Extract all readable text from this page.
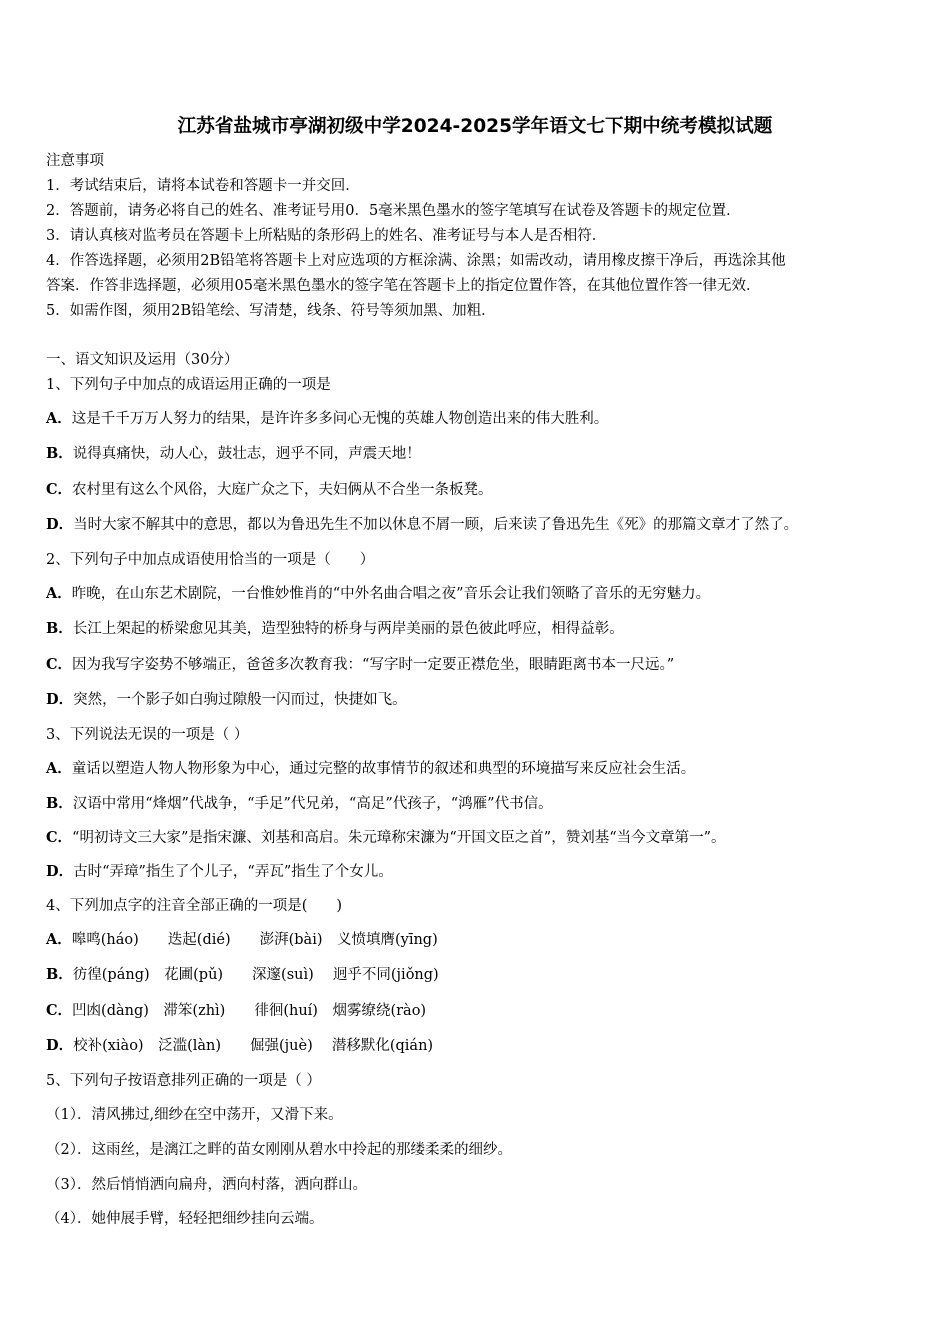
江苏省盐城市亭湖初级中学2024-2025学年语文七下期中统考模拟试题
注意事项
1．考试结束后，请将本试卷和答题卡一并交回．
2．答题前，请务必将自己的姓名、准考证号用0．5毫米黑色墨水的签字笔填写在试卷及答题卡的规定位置．
3．请认真核对监考员在答题卡上所粘贴的条形码上的姓名、准考证号与本人是否相符．
4．作答选择题，必须用2B铅笔将答题卡上对应选项的方框涂满、涂黑；如需改动，请用橡皮擦干净后，再选涂其他
答案．作答非选择题，必须用05毫米黑色墨水的签字笔在答题卡上的指定位置作答，在其他位置作答一律无效．
5．如需作图，须用2B铅笔绘、写清楚，线条、符号等须加黑、加粗．
一、语文知识及运用（30分）
1、下列句子中加点的成语运用正确的一项是
A．这是千千万万人努力的结果，是许许多多问心无愧的英雄人物创造出来的伟大胜利。
B．说得真痛快，动人心，鼓壮志，迥乎不同，声震天地！
C．农村里有这么个风俗，大庭广众之下，夫妇俩从不合坐一条板凳。
D．当时大家不解其中的意思，都以为鲁迅先生不加以休息不屑一顾，后来读了鲁迅先生《死》的那篇文章才了然了。
2、下列句子中加点成语使用恰当的一项是（　　）
A．昨晚，在山东艺术剧院，一台惟妙惟肖的“中外名曲合唱之夜”音乐会让我们领略了音乐的无穷魅力。
B．长江上架起的桥梁愈见其美，造型独特的桥身与两岸美丽的景色彼此呼应，相得益彰。
C．因为我写字姿势不够端正，爸爸多次教育我：“写字时一定要正襟危坐，眼睛距离书本一尺远。”
D．突然，一个影子如白驹过隙般一闪而过，快捷如飞。
3、下列说法无误的一项是（ ）
A．童话以塑造人物人物形象为中心，通过完整的故事情节的叙述和典型的环境描写来反应社会生活。
B．汉语中常用“烽烟”代战争，“手足”代兄弟，“高足”代孩子，“鸿雁”代书信。
C．“明初诗文三大家”是指宋濂、刘基和高启。朱元璋称宋濂为“开国文臣之首”，赞刘基“当今文章第一”。
D．古时“弄璋”指生了个儿子，“弄瓦”指生了个女儿。
4、下列加点字的注音全部正确的一项是(　　)
A．嗥鸣(háo)　　迭起(dié)　　澎湃(bài)　义愤填膺(yīng)
B．彷徨(páng)　花圃(pǔ)　　深邃(suì)　 迥乎不同(jiǒng)
C．凹凼(dàng)　滞笨(zhì)　　徘徊(huí)　烟雾缭绕(rào)
D．校补(xiào)　泛滥(làn)　　倔强(juè)　 潜移默化(qián)
5、下列句子按语意排列正确的一项是（ ）
（1）．清风拂过,细纱在空中荡开，又滑下来。
（2）．这雨丝，是漓江之畔的苗女刚刚从碧水中拎起的那缕柔柔的细纱。
（3）．然后悄悄洒向扁舟，洒向村落，洒向群山。
（4）．她伸展手臂，轻轻把细纱挂向云端。
